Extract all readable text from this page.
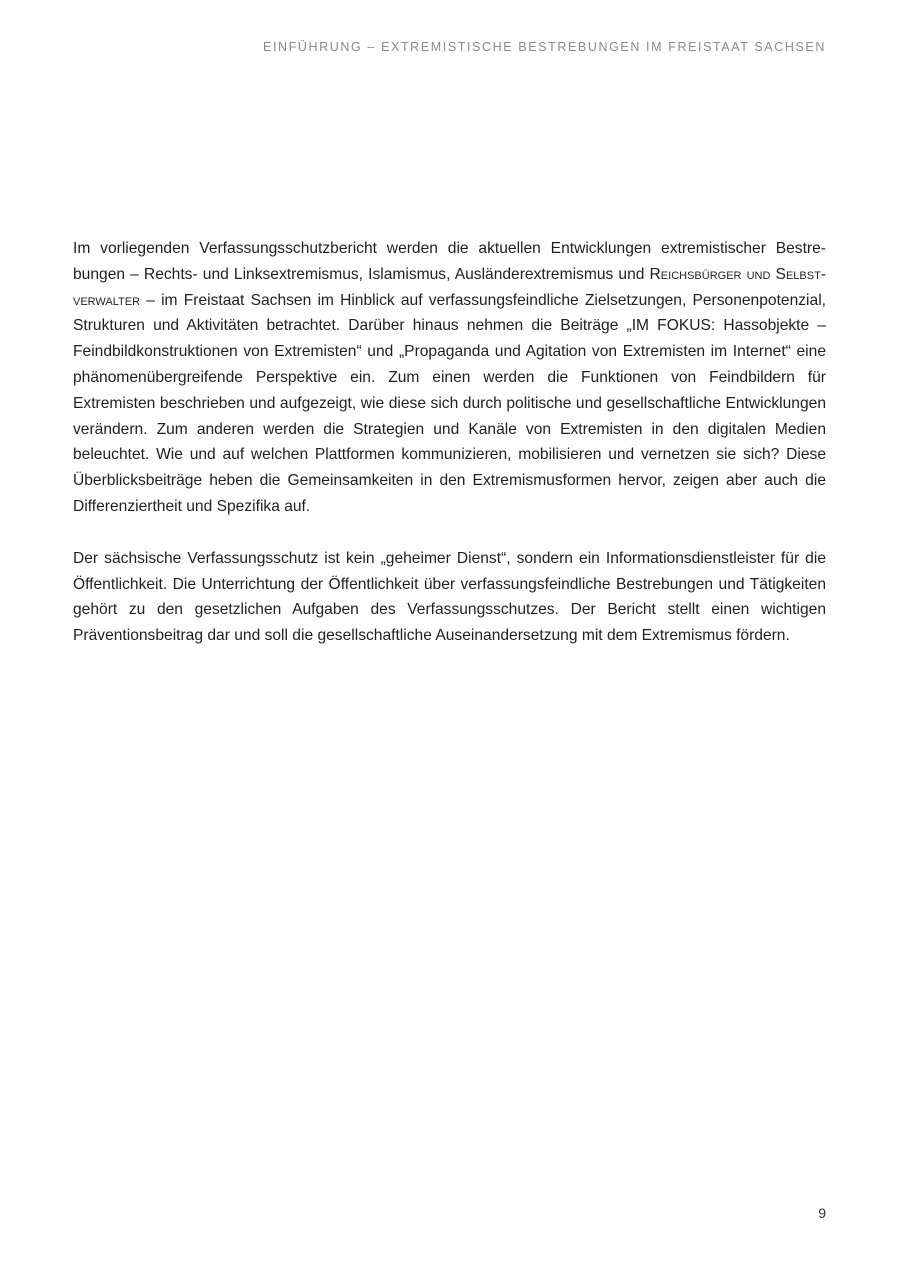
EINFÜHRUNG – EXTREMISTISCHE BESTREBUNGEN IM FREISTAAT SACHSEN

Im vorliegenden Verfassungsschutzbericht werden die aktuellen Entwicklungen extremistischer Bestrebungen – Rechts- und Linksextremismus, Islamismus, Ausländerextremismus und Reichsbürger und Selbstverwalter – im Freistaat Sachsen im Hinblick auf verfassungsfeindliche Zielsetzungen, Personenpotenzial, Strukturen und Aktivitäten betrachtet. Darüber hinaus nehmen die Beiträge „IM FOKUS: Hassobjekte – Feindbildkonstruktionen von Extremisten“ und „Propaganda und Agitation von Extremisten im Internet“ eine phänomenübergreifende Perspektive ein. Zum einen werden die Funktionen von Feindbildern für Extremisten beschrieben und aufgezeigt, wie diese sich durch politische und gesellschaftliche Entwicklungen verändern. Zum anderen werden die Strategien und Kanäle von Extremisten in den digitalen Medien beleuchtet. Wie und auf welchen Plattformen kommunizieren, mobilisieren und vernetzen sie sich? Diese Überblicksbeiträge heben die Gemeinsamkeiten in den Extremismusformen hervor, zeigen aber auch die Differenziertheit und Spezifika auf.

Der sächsische Verfassungsschutz ist kein „geheimer Dienst“, sondern ein Informationsdienstleister für die Öffentlichkeit. Die Unterrichtung der Öffentlichkeit über verfassungsfeindliche Bestrebungen und Tätigkeiten gehört zu den gesetzlichen Aufgaben des Verfassungsschutzes. Der Bericht stellt einen wichtigen Präventionsbeitrag dar und soll die gesellschaftliche Auseinandersetzung mit dem Extremismus fördern.

9
